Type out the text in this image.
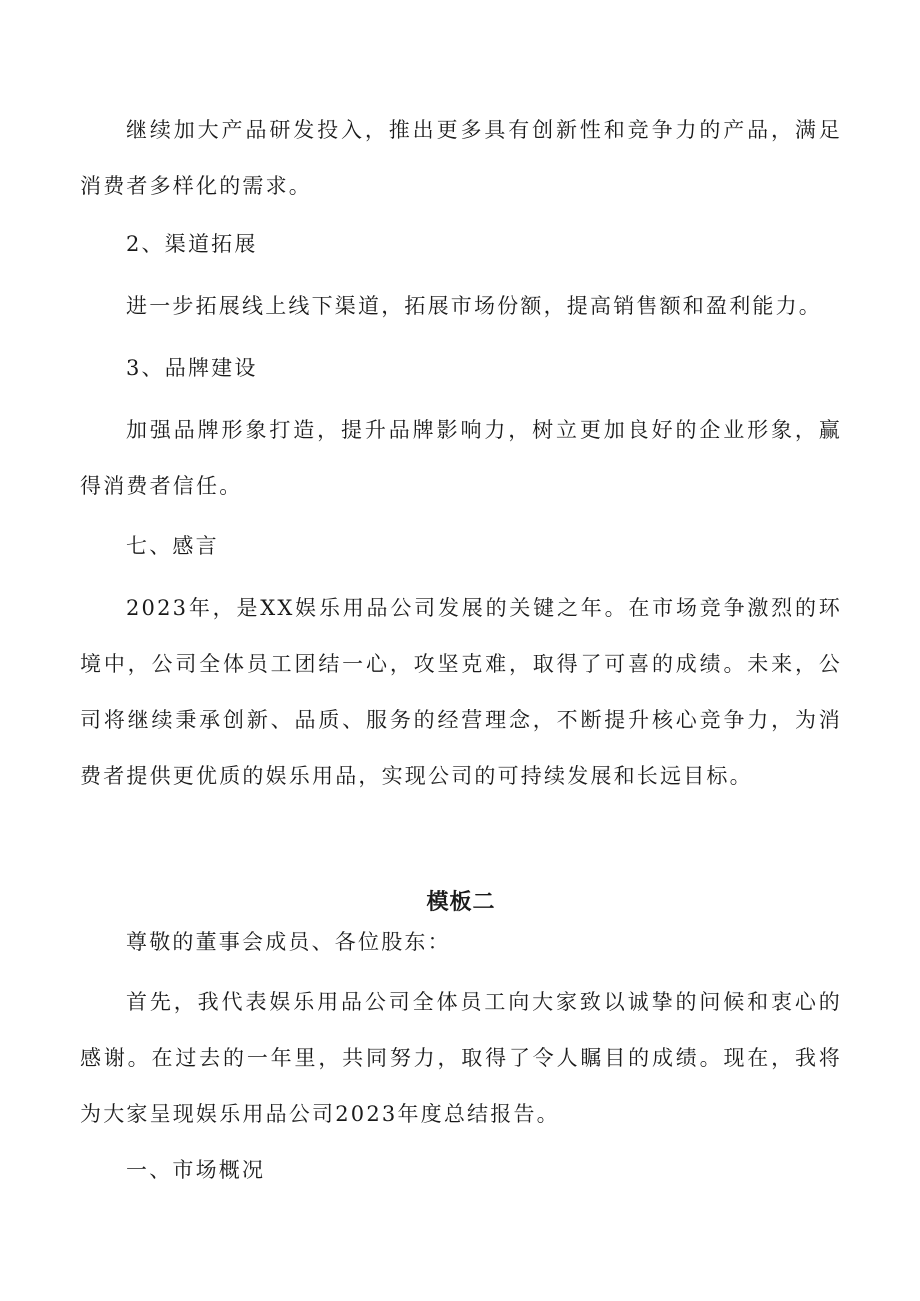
继续加大产品研发投入，推出更多具有创新性和竞争力的产品，满足消费者多样化的需求。

2、渠道拓展

进一步拓展线上线下渠道，拓展市场份额，提高销售额和盈利能力。

3、品牌建设

加强品牌形象打造，提升品牌影响力，树立更加良好的企业形象，赢得消费者信任。

七、感言

2023年，是XX娱乐用品公司发展的关键之年。在市场竞争激烈的环境中，公司全体员工团结一心，攻坚克难，取得了可喜的成绩。未来，公司将继续秉承创新、品质、服务的经营理念，不断提升核心竞争力，为消费者提供更优质的娱乐用品，实现公司的可持续发展和长远目标。

模板二

尊敬的董事会成员、各位股东：

首先，我代表娱乐用品公司全体员工向大家致以诚挚的问候和衷心的感谢。在过去的一年里，共同努力，取得了令人瞩目的成绩。现在，我将为大家呈现娱乐用品公司2023年度总结报告。

一、市场概况
